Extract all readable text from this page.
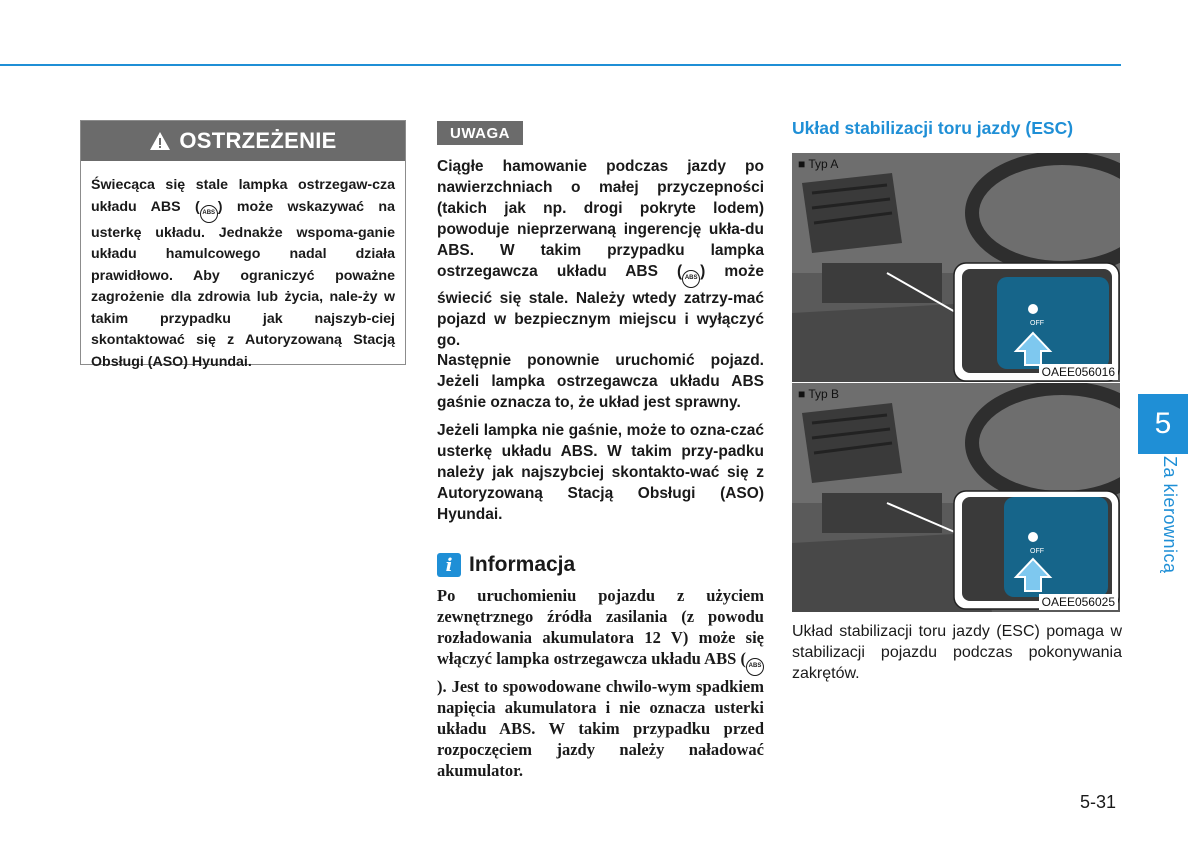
OSTRZEŻENIE
Świecąca się stale lampka ostrzegaw-cza układu ABS ( ABS ) może wskazywać na usterkę układu. Jednakże wspoma-ganie układu hamulcowego nadal działa prawidłowo. Aby ograniczyć poważne zagrożenie dla zdrowia lub życia, nale-ży w takim przypadku jak najszyb-ciej skontaktować się z Autoryzowaną Stacją Obsługi (ASO) Hyundai.
UWAGA
Ciągłe hamowanie podczas jazdy po nawierzchniach o małej przyczepności (takich jak np. drogi pokryte lodem) powoduje nieprzerwaną ingerencję ukła-du ABS. W takim przypadku lampka ostrzegawcza układu ABS ( ABS ) może świecić się stale. Należy wtedy zatrzy-mać pojazd w bezpiecznym miejscu i wyłączyć go.
Następnie ponownie uruchomić pojazd. Jeżeli lampka ostrzegawcza układu ABS gaśnie oznacza to, że układ jest sprawny.
Jeżeli lampka nie gaśnie, może to ozna-czać usterkę układu ABS. W takim przy-padku należy jak najszybciej skontakto-wać się z Autoryzowaną Stacją Obsługi (ASO) Hyundai.
i Informacja
Po uruchomieniu pojazdu z użyciem zewnętrznego źródła zasilania (z powodu rozładowania akumulatora 12 V) może się włączyć lampka ostrzegawcza układu ABS ( ABS). Jest to spowodowane chwilo-wym spadkiem napięcia akumulatora i nie oznacza usterki układu ABS. W takim przypadku przed rozpoczęciem jazdy należy naładować akumulator.
Układ stabilizacji toru jazdy (ESC)
OFF
■ Typ A
OAEE056016
OFF
■ Typ B
OAEE056025
Układ stabilizacji toru jazdy (ESC) pomaga w stabilizacji pojazdu podczas pokonywania zakrętów.
5
Za kierownicą
5-31
